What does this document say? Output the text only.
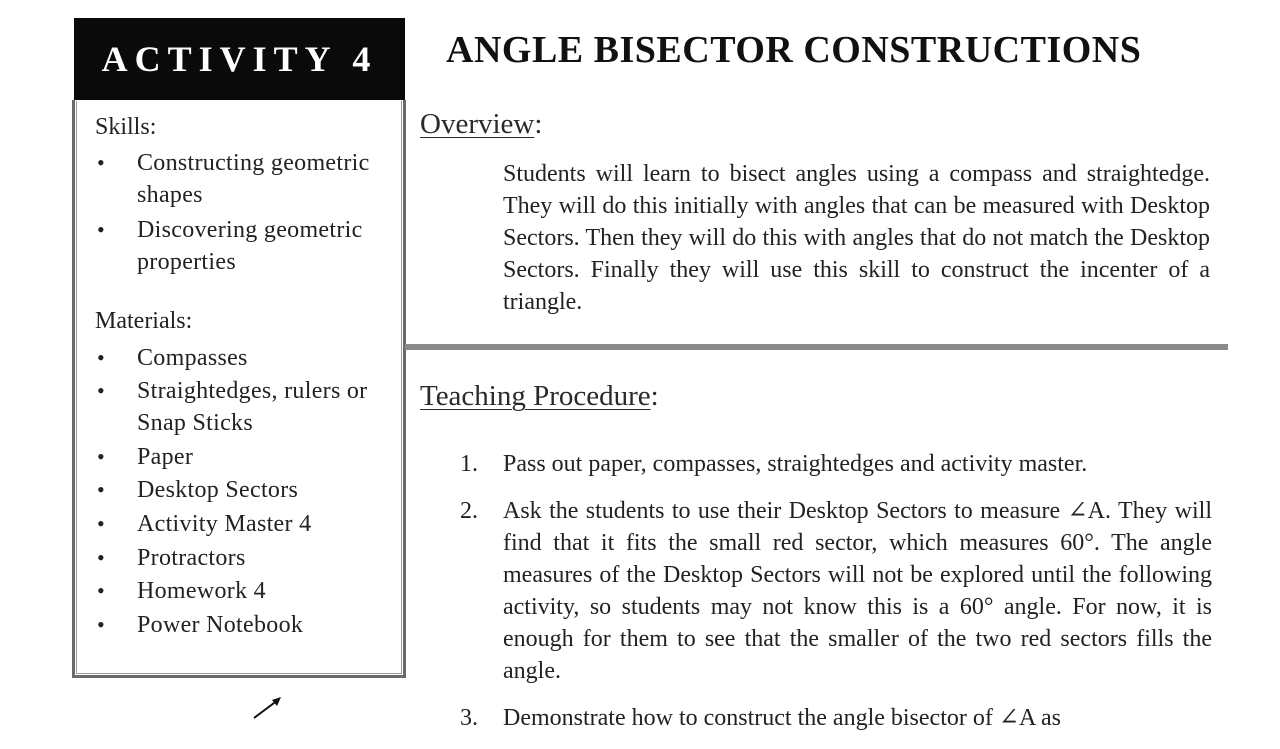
ACTIVITY 4
Skills:
• Constructing geometric
shapes
• Discovering geometric
properties
Materials:
• Compasses
• Straightedges, rulers or
Snap Sticks
• Paper
• Desktop Sectors
• Activity Master 4
• Protractors
• Homework 4
• Power Notebook
ANGLE BISECTOR CONSTRUCTIONS
Overview:

Students will learn to bisect angles using a compass and straightedge. They will do this initially with angles that can be measured with Desktop Sectors. Then they will do this with angles that do not match the Desktop Sectors. Finally they will use this skill to construct the incenter of a triangle.

Teaching Procedure:
1. Pass out paper, compasses, straightedges and activity master.
2. Ask the students to use their Desktop Sectors to measure ∠A. They will find that it fits the small red sector, which measures 60°. The angle measures of the Desktop Sectors will not be explored until the following activity, so students may not know this is a 60° angle. For now, it is enough for them to see that the smaller of the two red sectors fills the angle.
3. Demonstrate how to construct the angle bisector of ∠A as
